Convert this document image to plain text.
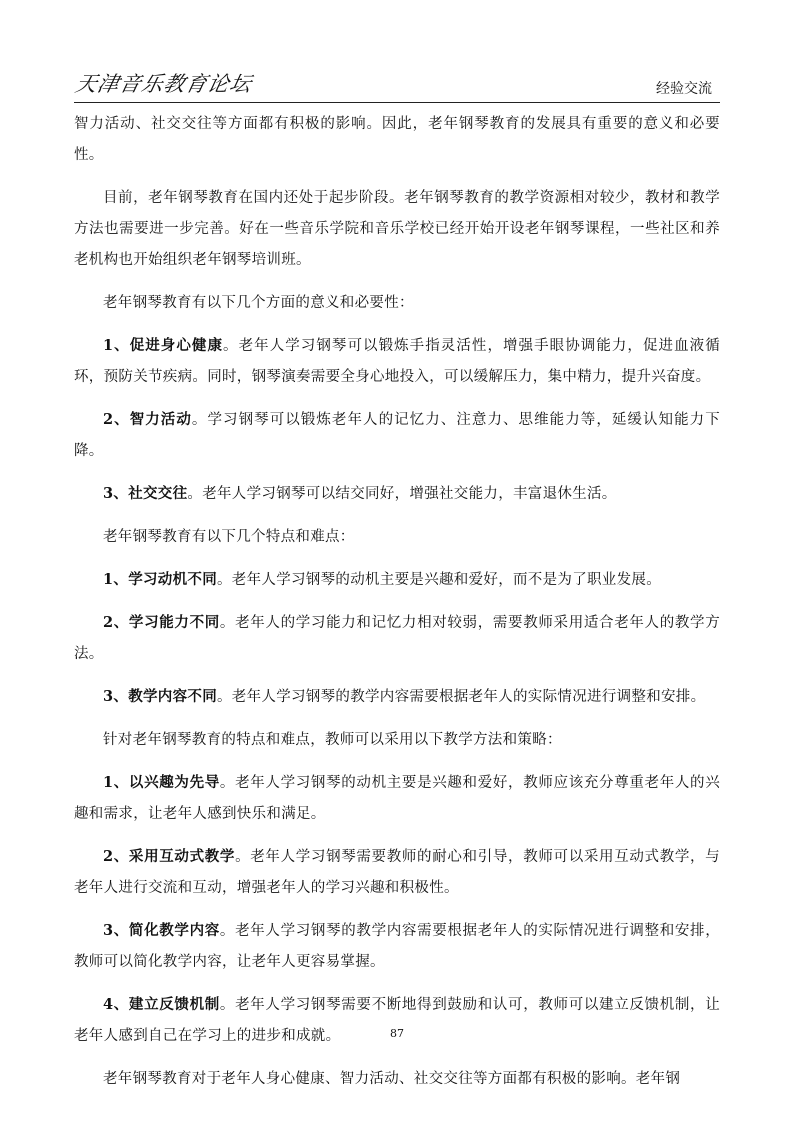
天津音乐教育论坛	经验交流

智力活动、社交交往等方面都有积极的影响。因此，老年钢琴教育的发展具有重要的意义和必要性。

目前，老年钢琴教育在国内还处于起步阶段。老年钢琴教育的教学资源相对较少，教材和教学方法也需要进一步完善。好在一些音乐学院和音乐学校已经开始开设老年钢琴课程，一些社区和养老机构也开始组织老年钢琴培训班。

老年钢琴教育有以下几个方面的意义和必要性：

1、促进身心健康。老年人学习钢琴可以锻炼手指灵活性，增强手眼协调能力，促进血液循环，预防关节疾病。同时，钢琴演奏需要全身心地投入，可以缓解压力，集中精力，提升兴奋度。

2、智力活动。学习钢琴可以锻炼老年人的记忆力、注意力、思维能力等，延缓认知能力下降。

3、社交交往。老年人学习钢琴可以结交同好，增强社交能力，丰富退休生活。

老年钢琴教育有以下几个特点和难点：

1、学习动机不同。老年人学习钢琴的动机主要是兴趣和爱好，而不是为了职业发展。

2、学习能力不同。老年人的学习能力和记忆力相对较弱，需要教师采用适合老年人的教学方法。

3、教学内容不同。老年人学习钢琴的教学内容需要根据老年人的实际情况进行调整和安排。

针对老年钢琴教育的特点和难点，教师可以采用以下教学方法和策略：

1、以兴趣为先导。老年人学习钢琴的动机主要是兴趣和爱好，教师应该充分尊重老年人的兴趣和需求，让老年人感到快乐和满足。

2、采用互动式教学。老年人学习钢琴需要教师的耐心和引导，教师可以采用互动式教学，与老年人进行交流和互动，增强老年人的学习兴趣和积极性。

3、简化教学内容。老年人学习钢琴的教学内容需要根据老年人的实际情况进行调整和安排，教师可以简化教学内容，让老年人更容易掌握。

4、建立反馈机制。老年人学习钢琴需要不断地得到鼓励和认可，教师可以建立反馈机制，让老年人感到自己在学习上的进步和成就。

老年钢琴教育对于老年人身心健康、智力活动、社交交往等方面都有积极的影响。老年钢

87
